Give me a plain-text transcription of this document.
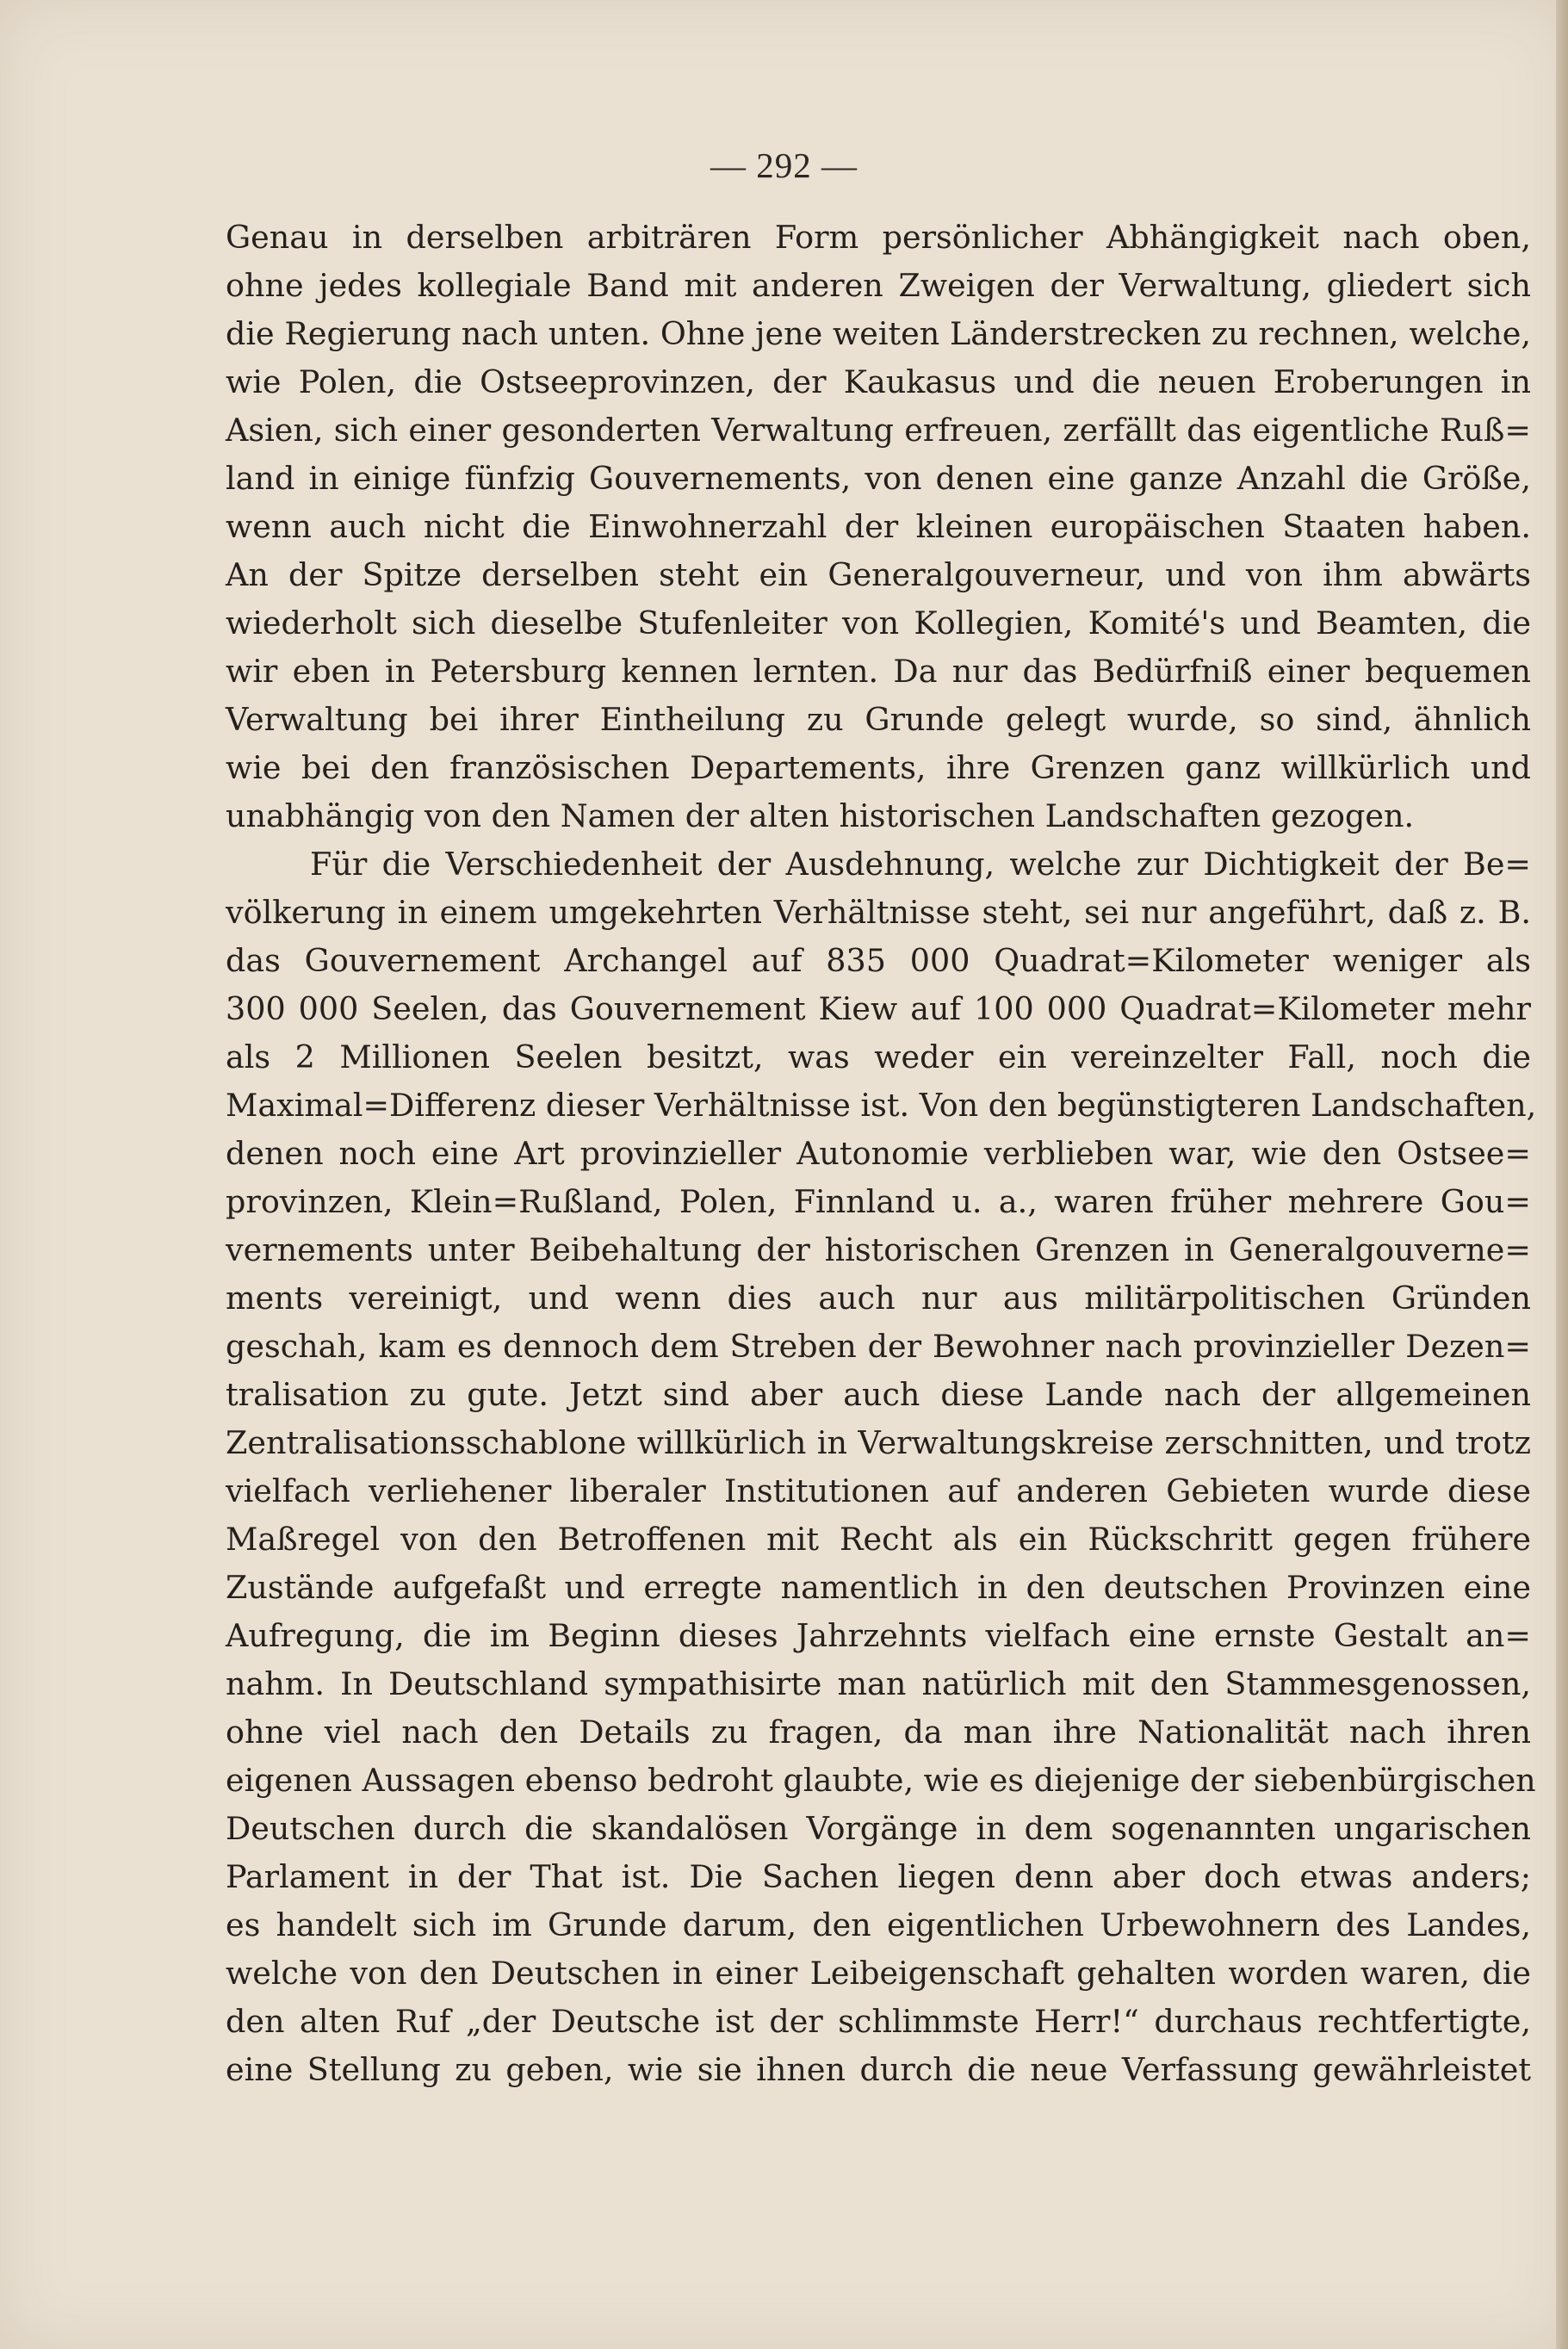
— 292 —
Genau in derselben arbiträren Form persönlicher Abhängigkeit nach oben,
ohne jedes kollegiale Band mit anderen Zweigen der Verwaltung, gliedert sich
die Regierung nach unten. Ohne jene weiten Länderstrecken zu rechnen, welche,
wie Polen, die Ostseeprovinzen, der Kaukasus und die neuen Eroberungen in
Asien, sich einer gesonderten Verwaltung erfreuen, zerfällt das eigentliche Ruß=
land in einige fünfzig Gouvernements, von denen eine ganze Anzahl die Größe,
wenn auch nicht die Einwohnerzahl der kleinen europäischen Staaten haben.
An der Spitze derselben steht ein Generalgouverneur, und von ihm abwärts
wiederholt sich dieselbe Stufenleiter von Kollegien, Komité's und Beamten, die
wir eben in Petersburg kennen lernten. Da nur das Bedürfniß einer bequemen
Verwaltung bei ihrer Eintheilung zu Grunde gelegt wurde, so sind, ähnlich
wie bei den französischen Departements, ihre Grenzen ganz willkürlich und
unabhängig von den Namen der alten historischen Landschaften gezogen.
Für die Verschiedenheit der Ausdehnung, welche zur Dichtigkeit der Be=
völkerung in einem umgekehrten Verhältnisse steht, sei nur angeführt, daß z. B.
das Gouvernement Archangel auf 835 000 Quadrat=Kilometer weniger als
300 000 Seelen, das Gouvernement Kiew auf 100 000 Quadrat=Kilometer mehr
als 2 Millionen Seelen besitzt, was weder ein vereinzelter Fall, noch die
Maximal=Differenz dieser Verhältnisse ist. Von den begünstigteren Landschaften,
denen noch eine Art provinzieller Autonomie verblieben war, wie den Ostsee=
provinzen, Klein=Rußland, Polen, Finnland u. a., waren früher mehrere Gou=
vernements unter Beibehaltung der historischen Grenzen in Generalgouverne=
ments vereinigt, und wenn dies auch nur aus militärpolitischen Gründen
geschah, kam es dennoch dem Streben der Bewohner nach provinzieller Dezen=
tralisation zu gute. Jetzt sind aber auch diese Lande nach der allgemeinen
Zentralisationsschablone willkürlich in Verwaltungskreise zerschnitten, und trotz
vielfach verliehener liberaler Institutionen auf anderen Gebieten wurde diese
Maßregel von den Betroffenen mit Recht als ein Rückschritt gegen frühere
Zustände aufgefaßt und erregte namentlich in den deutschen Provinzen eine
Aufregung, die im Beginn dieses Jahrzehnts vielfach eine ernste Gestalt an=
nahm. In Deutschland sympathisirte man natürlich mit den Stammesgenossen,
ohne viel nach den Details zu fragen, da man ihre Nationalität nach ihren
eigenen Aussagen ebenso bedroht glaubte, wie es diejenige der siebenbürgischen
Deutschen durch die skandalösen Vorgänge in dem sogenannten ungarischen
Parlament in der That ist. Die Sachen liegen denn aber doch etwas anders;
es handelt sich im Grunde darum, den eigentlichen Urbewohnern des Landes,
welche von den Deutschen in einer Leibeigenschaft gehalten worden waren, die
den alten Ruf „der Deutsche ist der schlimmste Herr!“ durchaus rechtfertigte,
eine Stellung zu geben, wie sie ihnen durch die neue Verfassung gewährleistet
